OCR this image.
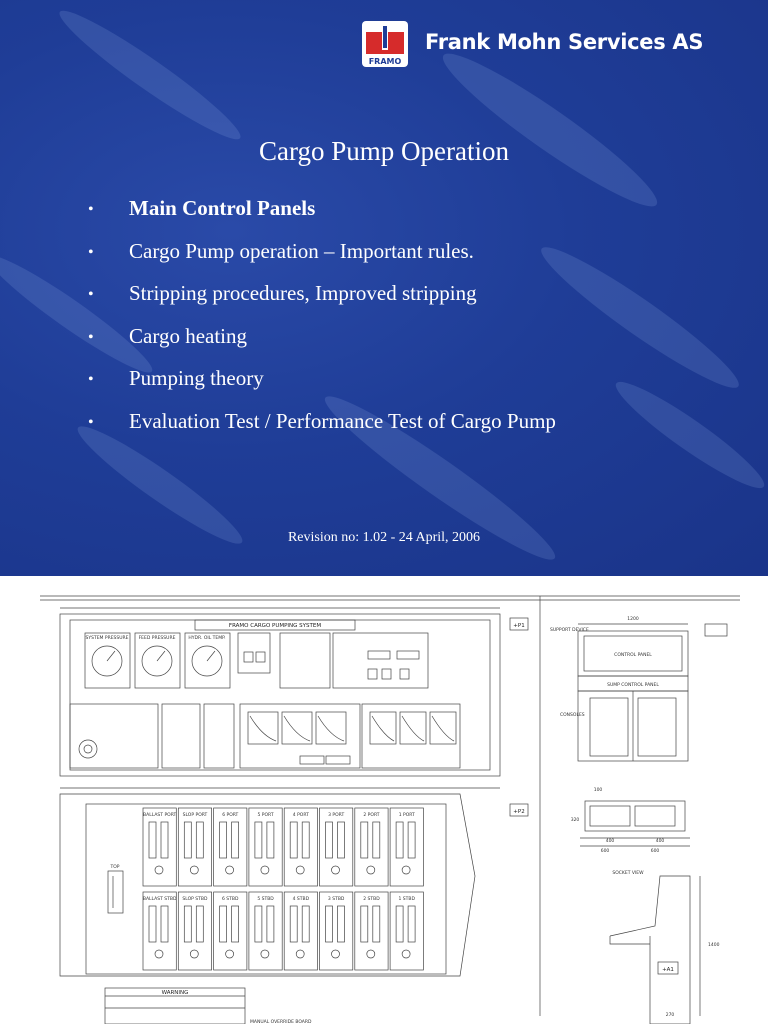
FRAMO
Frank Mohn Services AS
Cargo Pump Operation
•	Main Control Panels
•	Cargo Pump operation – Important rules.
•	Stripping procedures, Improved stripping
•	Cargo heating
•	Pumping theory
•	Evaluation Test / Performance Test of Cargo Pump
Revision no: 1.02 - 24 April, 2006
BALLAST PORT SLOP PORT	6 PORT	5 PORT	4 PORT	3 PORT	2 PORT	1 PORT
BALLAST STBD SLOP STBD	6 STBD	5 STBD	4 STBD	3 STBD	2 STBD	1 STBD
FRAMO CARGO PUMPING SYSTEM
SYSTEM PRESSURE FEED PRESSURE	HYDR. OIL TEMP.
+P1
+P2
+A1
SUPPORT DEVICE
CONTROL PANEL
SUMP CONTROL PANEL
CONSOLES
SOCKET VIEW
WARNING
MANUAL OVERRIDE BOARD
TOP
1200
400	400
600	600
100
320
1400
270
